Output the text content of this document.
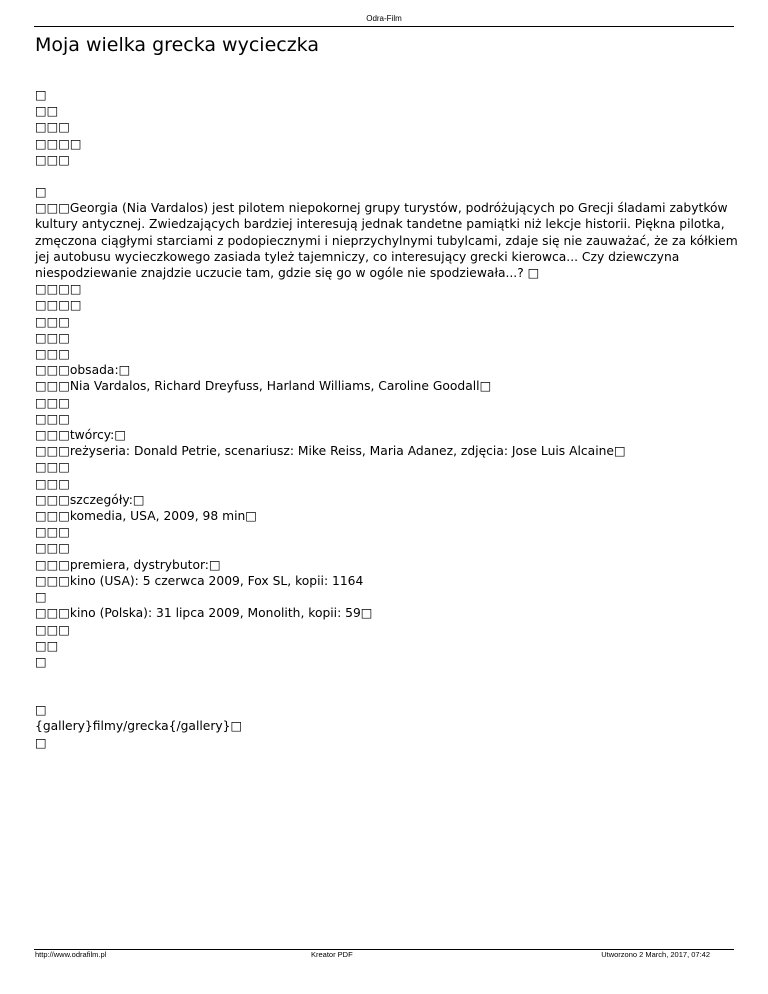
Odra-Film
Moja wielka grecka wycieczka
□
□□
□□□
□□□□
□□□
□
□□□Georgia (Nia Vardalos) jest pilotem niepokornej grupy turystów, podróżujących po Grecji śladami zabytków kultury antycznej. Zwiedzających bardziej interesują jednak tandetne pamiątki niż lekcje historii. Piękna pilotka, zmęczona ciągłymi starciami z podopiecznymi i nieprzychylnymi tubylcami, zdaje się nie zauważać, że za kółkiem jej autobusu wycieczkowego zasiada tyleż tajemniczy, co interesujący grecki kierowca... Czy dziewczyna niespodziewanie znajdzie uczucie tam, gdzie się go w ogóle nie spodziewała...? □
□□□□
□□□□
□□□
□□□
□□□
□□□obsada:□
□□□Nia Vardalos, Richard Dreyfuss, Harland Williams, Caroline Goodall□
□□□
□□□
□□□twórcy:□
□□□reżyseria: Donald Petrie, scenariusz: Mike Reiss, Maria Adanez, zdjęcia: Jose Luis Alcaine□
□□□
□□□
□□□szczegóły:□
□□□komedia, USA, 2009, 98 min□
□□□
□□□
□□□premiera, dystrybutor:□
□□□kino (USA): 5 czerwca 2009, Fox SL, kopii: 1164
□
□□□kino (Polska): 31 lipca 2009, Monolith, kopii: 59□
□□□
□□
□
□
{gallery}filmy/grecka{/gallery}□
□
http://www.odrafilm.pl	Kreator PDF	Utworzono 2 March, 2017, 07:42
